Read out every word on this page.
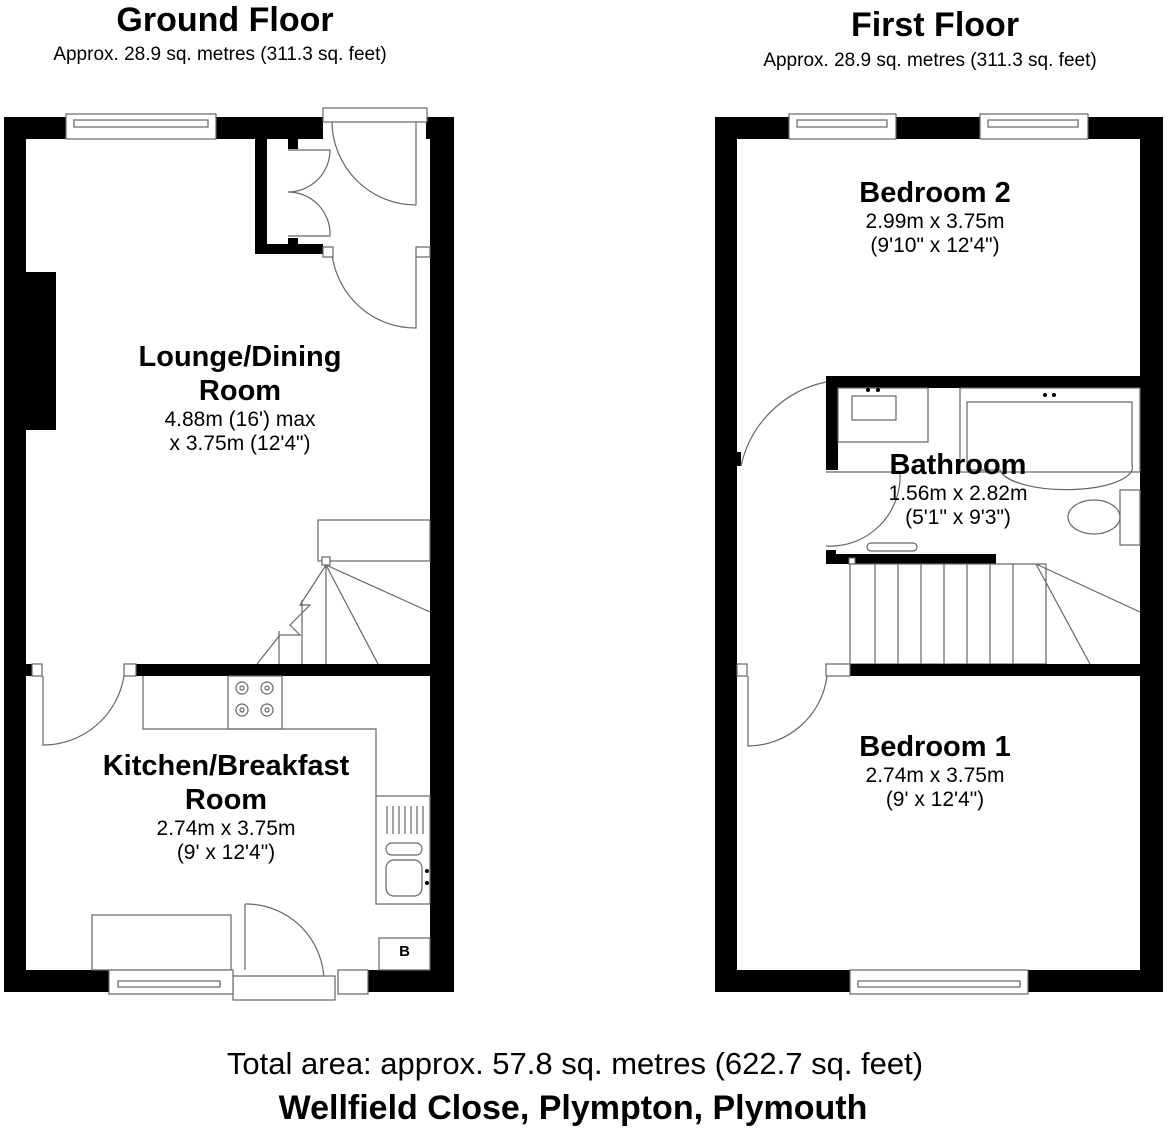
Ground Floor
Approx. 28.9 sq. metres (311.3 sq. feet)
First Floor
Approx. 28.9 sq. metres (311.3 sq. feet)
Lounge/Dining
Room
4.88m (16') max
x 3.75m (12'4")
Kitchen/Breakfast
Room
2.74m x 3.75m
(9' x 12'4")
B
Bedroom 2
2.99m x 3.75m
(9'10" x 12'4")
Bathroom
1.56m x 2.82m
(5'1" x 9'3")
Bedroom 1
2.74m x 3.75m
(9' x 12'4")
Total area: approx. 57.8 sq. metres (622.7 sq. feet)
Wellfield Close, Plympton, Plymouth
